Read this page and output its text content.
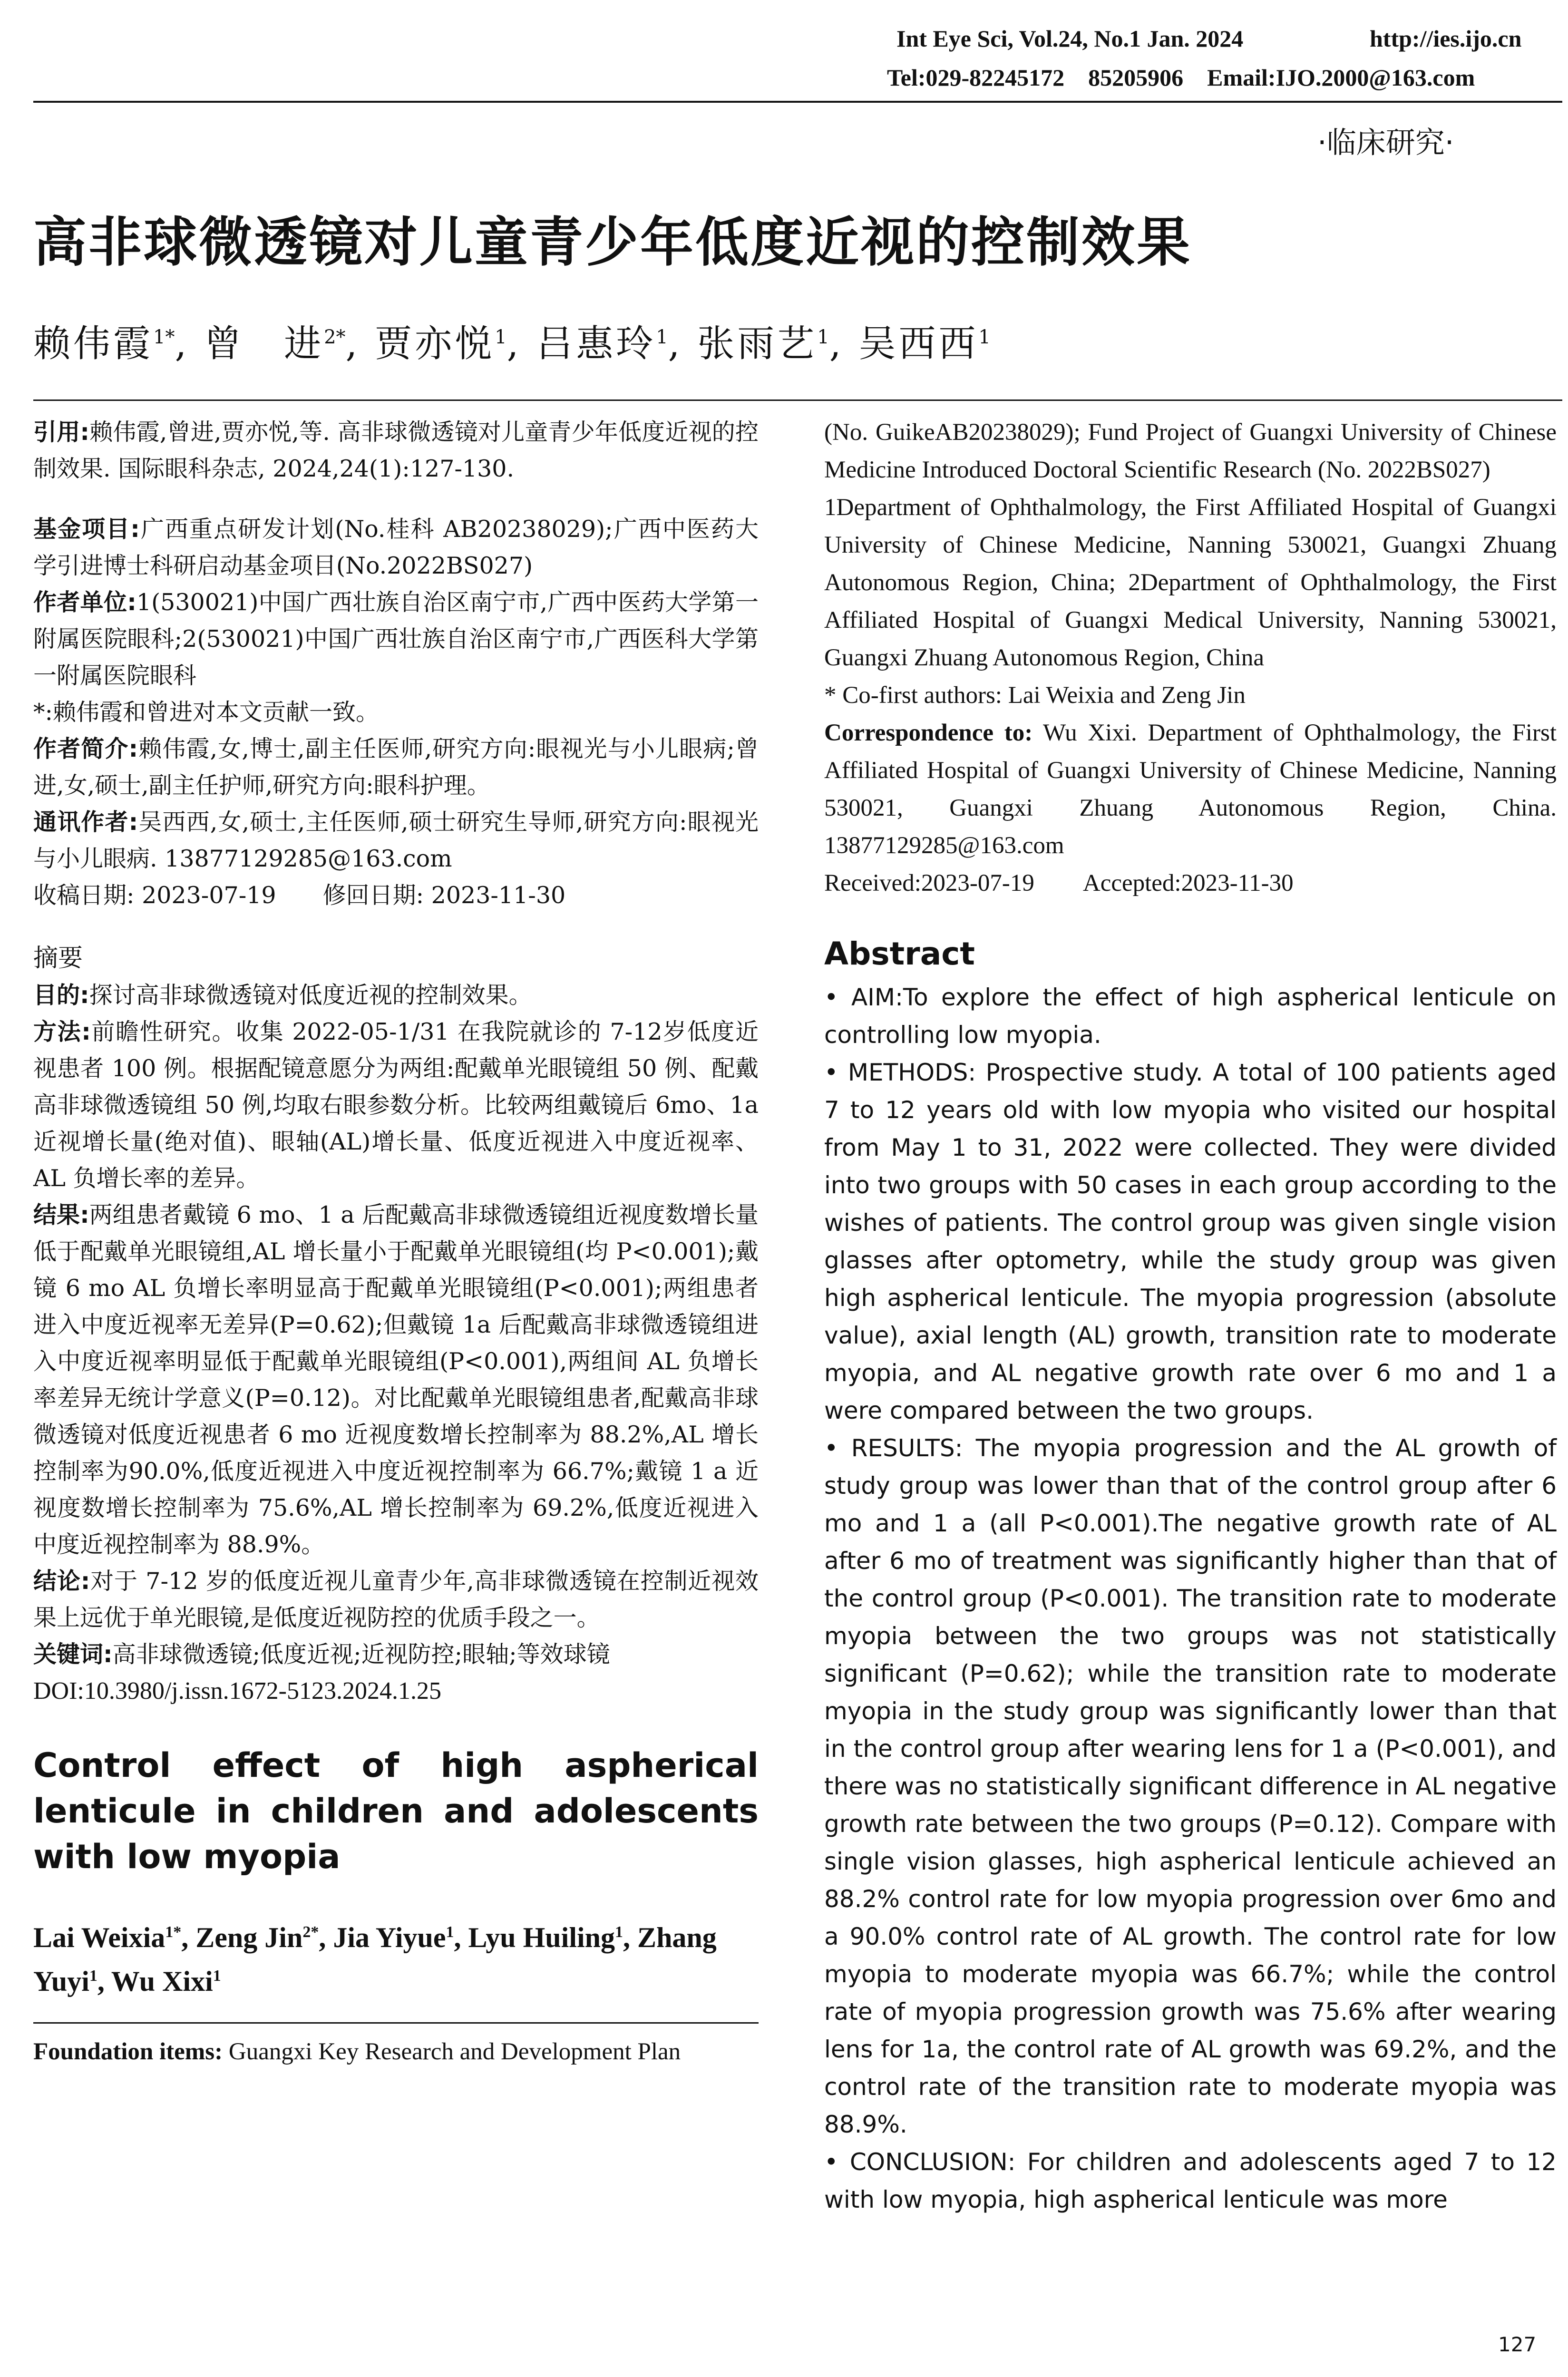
Int Eye Sci, Vol.24, No.1 Jan. 2024	http://ies.ijo.cn
Tel:029-82245172    85205906    Email:IJO.2000@163.com
·临床研究·
高非球微透镜对儿童青少年低度近视的控制效果
赖伟霞$^{1*}$, 曾　进$^{2*}$, 贾亦悦$^1$, 吕惠玲$^1$, 张雨艺$^1$, 吴西西$^1$

引用:赖伟霞,曾进,贾亦悦,等. 高非球微透镜对儿童青少年低度近视的控制效果. 国际眼科杂志, 2024,24(1):127-130.

基金项目:广西重点研发计划(No.桂科 AB20238029);广西中医药大学引进博士科研启动基金项目(No.2022BS027)

作者单位:1(530021)中国广西壮族自治区南宁市,广西中医药大学第一附属医院眼科;2(530021)中国广西壮族自治区南宁市,广西医科大学第一附属医院眼科

*:赖伟霞和曾进对本文贡献一致。

作者简介:赖伟霞,女,博士,副主任医师,研究方向:眼视光与小儿眼病;曾进,女,硕士,副主任护师,研究方向:眼科护理。

通讯作者:吴西西,女,硕士,主任医师,硕士研究生导师,研究方向:眼视光与小儿眼病. 13877129285@163.com

收稿日期: 2023-07-19　　修回日期: 2023-11-30

摘要

目的:探讨高非球微透镜对低度近视的控制效果。

方法:前瞻性研究。收集 2022-05-1/31 在我院就诊的 7-12岁低度近视患者 100 例。根据配镜意愿分为两组:配戴单光眼镜组 50 例、配戴高非球微透镜组 50 例,均取右眼参数分析。比较两组戴镜后 6mo、1a 近视增长量(绝对值)、眼轴(AL)增长量、低度近视进入中度近视率、AL 负增长率的差异。

结果:两组患者戴镜 6 mo、1 a 后配戴高非球微透镜组近视度数增长量低于配戴单光眼镜组,AL 增长量小于配戴单光眼镜组(均 P<0.001);戴镜 6 mo AL 负增长率明显高于配戴单光眼镜组(P<0.001);两组患者进入中度近视率无差异(P=0.62);但戴镜 1a 后配戴高非球微透镜组进入中度近视率明显低于配戴单光眼镜组(P<0.001),两组间 AL 负增长率差异无统计学意义(P=0.12)。对比配戴单光眼镜组患者,配戴高非球微透镜对低度近视患者 6 mo 近视度数增长控制率为 88.2%,AL 增长控制率为90.0%,低度近视进入中度近视控制率为 66.7%;戴镜 1 a 近视度数增长控制率为 75.6%,AL 增长控制率为 69.2%,低度近视进入中度近视控制率为 88.9%。

结论:对于 7-12 岁的低度近视儿童青少年,高非球微透镜在控制近视效果上远优于单光眼镜,是低度近视防控的优质手段之一。

关键词:高非球微透镜;低度近视;近视防控;眼轴;等效球镜

DOI:10.3980/j.issn.1672-5123.2024.1.25

Control effect of high aspherical lenticule in children and adolescents with low myopia
Lai Weixia$^{1*}$, Zeng Jin$^{2*}$, Jia Yiyue$^1$, Lyu Huiling$^1$, Zhang Yuyi$^1$, Wu Xixi$^1$
Foundation items: Guangxi Key Research and Development Plan

(No. GuikeAB20238029); Fund Project of Guangxi University of Chinese Medicine Introduced Doctoral Scientific Research (No. 2022BS027)

1Department of Ophthalmology, the First Affiliated Hospital of Guangxi University of Chinese Medicine, Nanning 530021, Guangxi Zhuang Autonomous Region, China; 2Department of Ophthalmology, the First Affiliated Hospital of Guangxi Medical University, Nanning 530021, Guangxi Zhuang Autonomous Region, China

* Co-first authors: Lai Weixia and Zeng Jin

Correspondence to: Wu Xixi. Department of Ophthalmology, the First Affiliated Hospital of Guangxi University of Chinese Medicine, Nanning 530021, Guangxi Zhuang Autonomous Region, China. 13877129285@163.com

Received:2023-07-19　　Accepted:2023-11-30

Abstract

• AIM:To explore the effect of high aspherical lenticule on controlling low myopia.

• METHODS: Prospective study. A total of 100 patients aged 7 to 12 years old with low myopia who visited our hospital from May 1 to 31, 2022 were collected. They were divided into two groups with 50 cases in each group according to the wishes of patients. The control group was given single vision glasses after optometry, while the study group was given high aspherical lenticule. The myopia progression (absolute value), axial length (AL) growth, transition rate to moderate myopia, and AL negative growth rate over 6 mo and 1 a were compared between the two groups.

• RESULTS: The myopia progression and the AL growth of study group was lower than that of the control group after 6 mo and 1 a (all P<0.001).The negative growth rate of AL after 6 mo of treatment was significantly higher than that of the control group (P<0.001). The transition rate to moderate myopia between the two groups was not statistically significant (P=0.62); while the transition rate to moderate myopia in the study group was significantly lower than that in the control group after wearing lens for 1 a (P<0.001), and there was no statistically significant difference in AL negative growth rate between the two groups (P=0.12). Compare with single vision glasses, high aspherical lenticule achieved an 88.2% control rate for low myopia progression over 6mo and a 90.0% control rate of AL growth. The control rate for low myopia to moderate myopia was 66.7%; while the control rate of myopia progression growth was 75.6% after wearing lens for 1a, the control rate of AL growth was 69.2%, and the control rate of the transition rate to moderate myopia was 88.9%.

• CONCLUSION: For children and adolescents aged 7 to 12 with low myopia, high aspherical lenticule was more

127
